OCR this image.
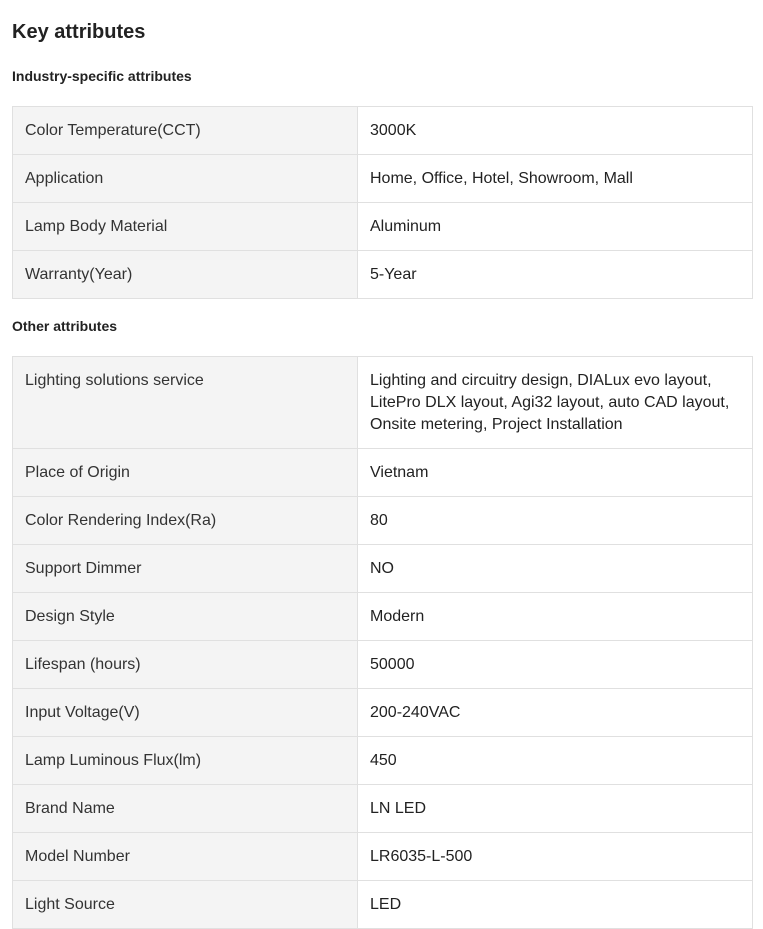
Key attributes
Industry-specific attributes
Color Temperature(CCT)	3000K
Application	Home, Office, Hotel, Showroom, Mall
Lamp Body Material	Aluminum
Warranty(Year)	5-Year
Other attributes
Lighting solutions service	Lighting and circuitry design, DIALux evo layout, LitePro DLX layout, Agi32 layout, auto CAD layout, Onsite metering, Project Installation
Place of Origin	Vietnam
Color Rendering Index(Ra)	80
Support Dimmer	NO
Design Style	Modern
Lifespan (hours)	50000
Input Voltage(V)	200-240VAC
Lamp Luminous Flux(lm)	450
Brand Name	LN LED
Model Number	LR6035-L-500
Light Source	LED
